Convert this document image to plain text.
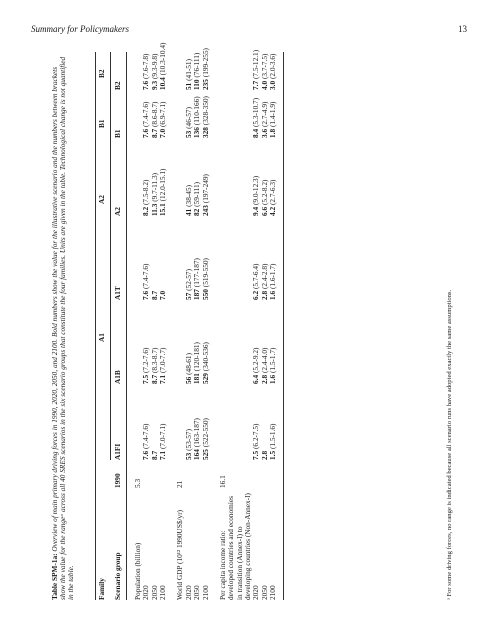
Summary for Policymakers	13
Table SPM-1a: Overview of main primary driving forces in 1990, 2020, 2050, and 2100. Bold numbers show the value for the illustrative scenario and the numbers between brackets show the value for the rangeᵃ across all 40 SRES scenarios in the six scenario groups that constitute the four families. Units are given in the table. Technological change is not quantified in the table.	ᵃ For some driving forces, no range is indicated because all scenario runs have adopted exactly the same assumptions.
Family
A1
A2
B1
B2
Scenario group
1990
A1FI
A1B
A1T
A2
B1
B2
Population (billion)
5.3
2020
7.6 (7.4-7.6)
7.5 (7.2-7.6)
7.6 (7.4-7.6)
8.2 (7.5-8.2)
7.6 (7.4-7.6)
7.6 (7.6-7.8)
2050
8.7
8.7 (8.3-8.7)
8.7
11.3 (9.7-11.3)
8.7 (8.6-8.7)
9.3 (9.3-9.8)
2100
7.1 (7.0-7.1)
7.1 (7.0-7.7)
7.0
15.1 (12.0-15.1)
7.0 (6.9-7.1)
10.4 (10.3-10.4)
World GDP (10¹² 1990US$/yr)
21
2020
53 (53-57)
56 (48-61)
57 (52-57)
41 (38-45)
53 (46-57)
51 (41-51)
2050
164 (163-187)
181 (120-181)
187 (177-187)
82 (59-111)
136 (110-166)
110 (76-111)
2100
525 (522-550)
529 (340-536)
550 (519-550)
243 (197-249)
328 (328-350)
235 (199-255)
Per capita income ratio: developed countries and economies in transition (Annex-I) to developing countries (Non-Annex-I)
16.1
2020
7.5 (6.2-7.5)
6.4 (5.2-9.2)
6.2 (5.7-6.4)
9.4 (9.0-12.3)
8.4 (5.3-10.7)
7.7 (7.5-12.1)
2050
2.8
2.8 (2.4-4.0)
2.8 (2.4-2.8)
6.6 (5.2-8.2)
3.6 (2.7-4.9)
4.0 (3.7-7.5)
2100
1.5 (1.5-1.6)
1.6 (1.5-1.7)
1.6 (1.6-1.7)
4.2 (2.7-6.3)
1.8 (1.4-1.9)
3.0 (2.0-3.6)
